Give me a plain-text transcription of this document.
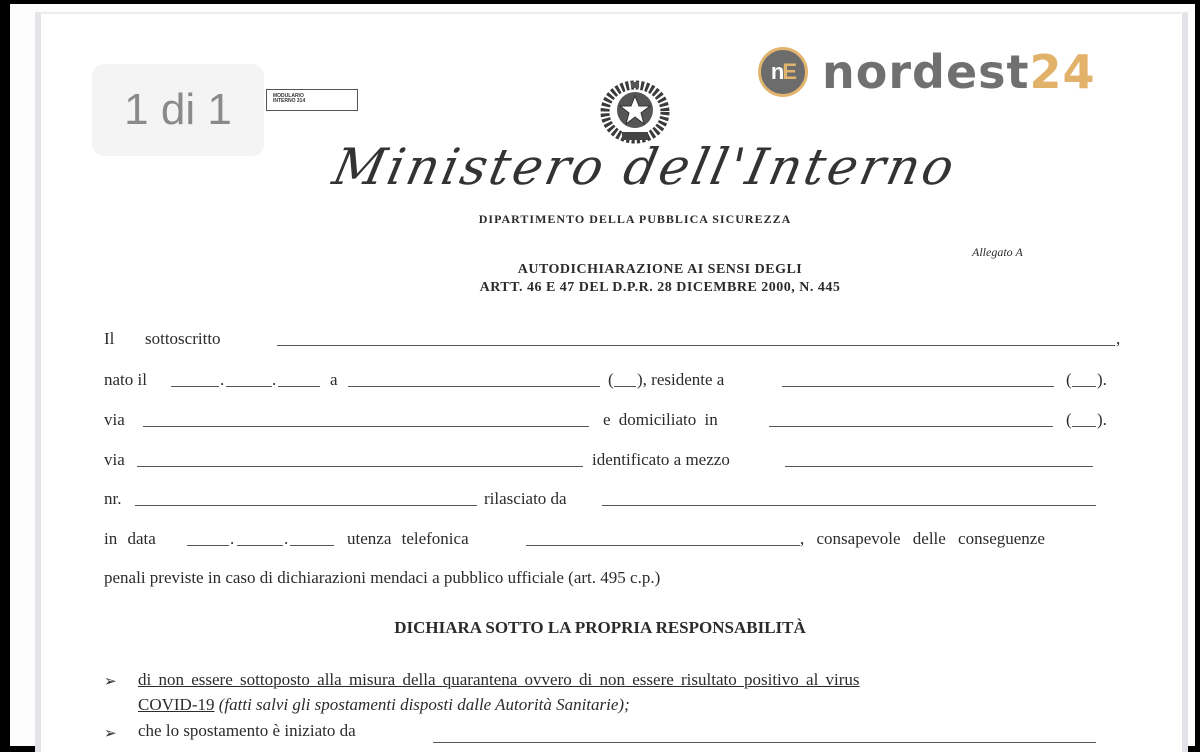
1 di 1	MODULARIO
INTERNO 314
n E nordest24
Ministero dell'Interno
DIPARTIMENTO DELLA PUBBLICA SICUREZZA
Allegato A
AUTODICHIARAZIONE AI SENSI DEGLI
ARTT. 46 E 47 DEL D.P.R. 28 DICEMBRE 2000, N. 445
Il sottoscritto	,
nato il	.	.	a	( ), residente a	( ).
via	e domiciliato in	( ).
via	identificato a mezzo
nr.	rilasciato da
in data	.	.	utenza telefonica	, consapevole delle conseguenze
penali previste in caso di dichiarazioni mendaci a pubblico ufficiale (art. 495 c.p.)
DICHIARA SOTTO LA PROPRIA RESPONSABILITÀ
➢ di non essere sottoposto alla misura della quarantena ovvero di non essere risultato positivo al virus
COVID-19 (fatti salvi gli spostamenti disposti dalle Autorità Sanitarie);
➢ che lo spostamento è iniziato da
